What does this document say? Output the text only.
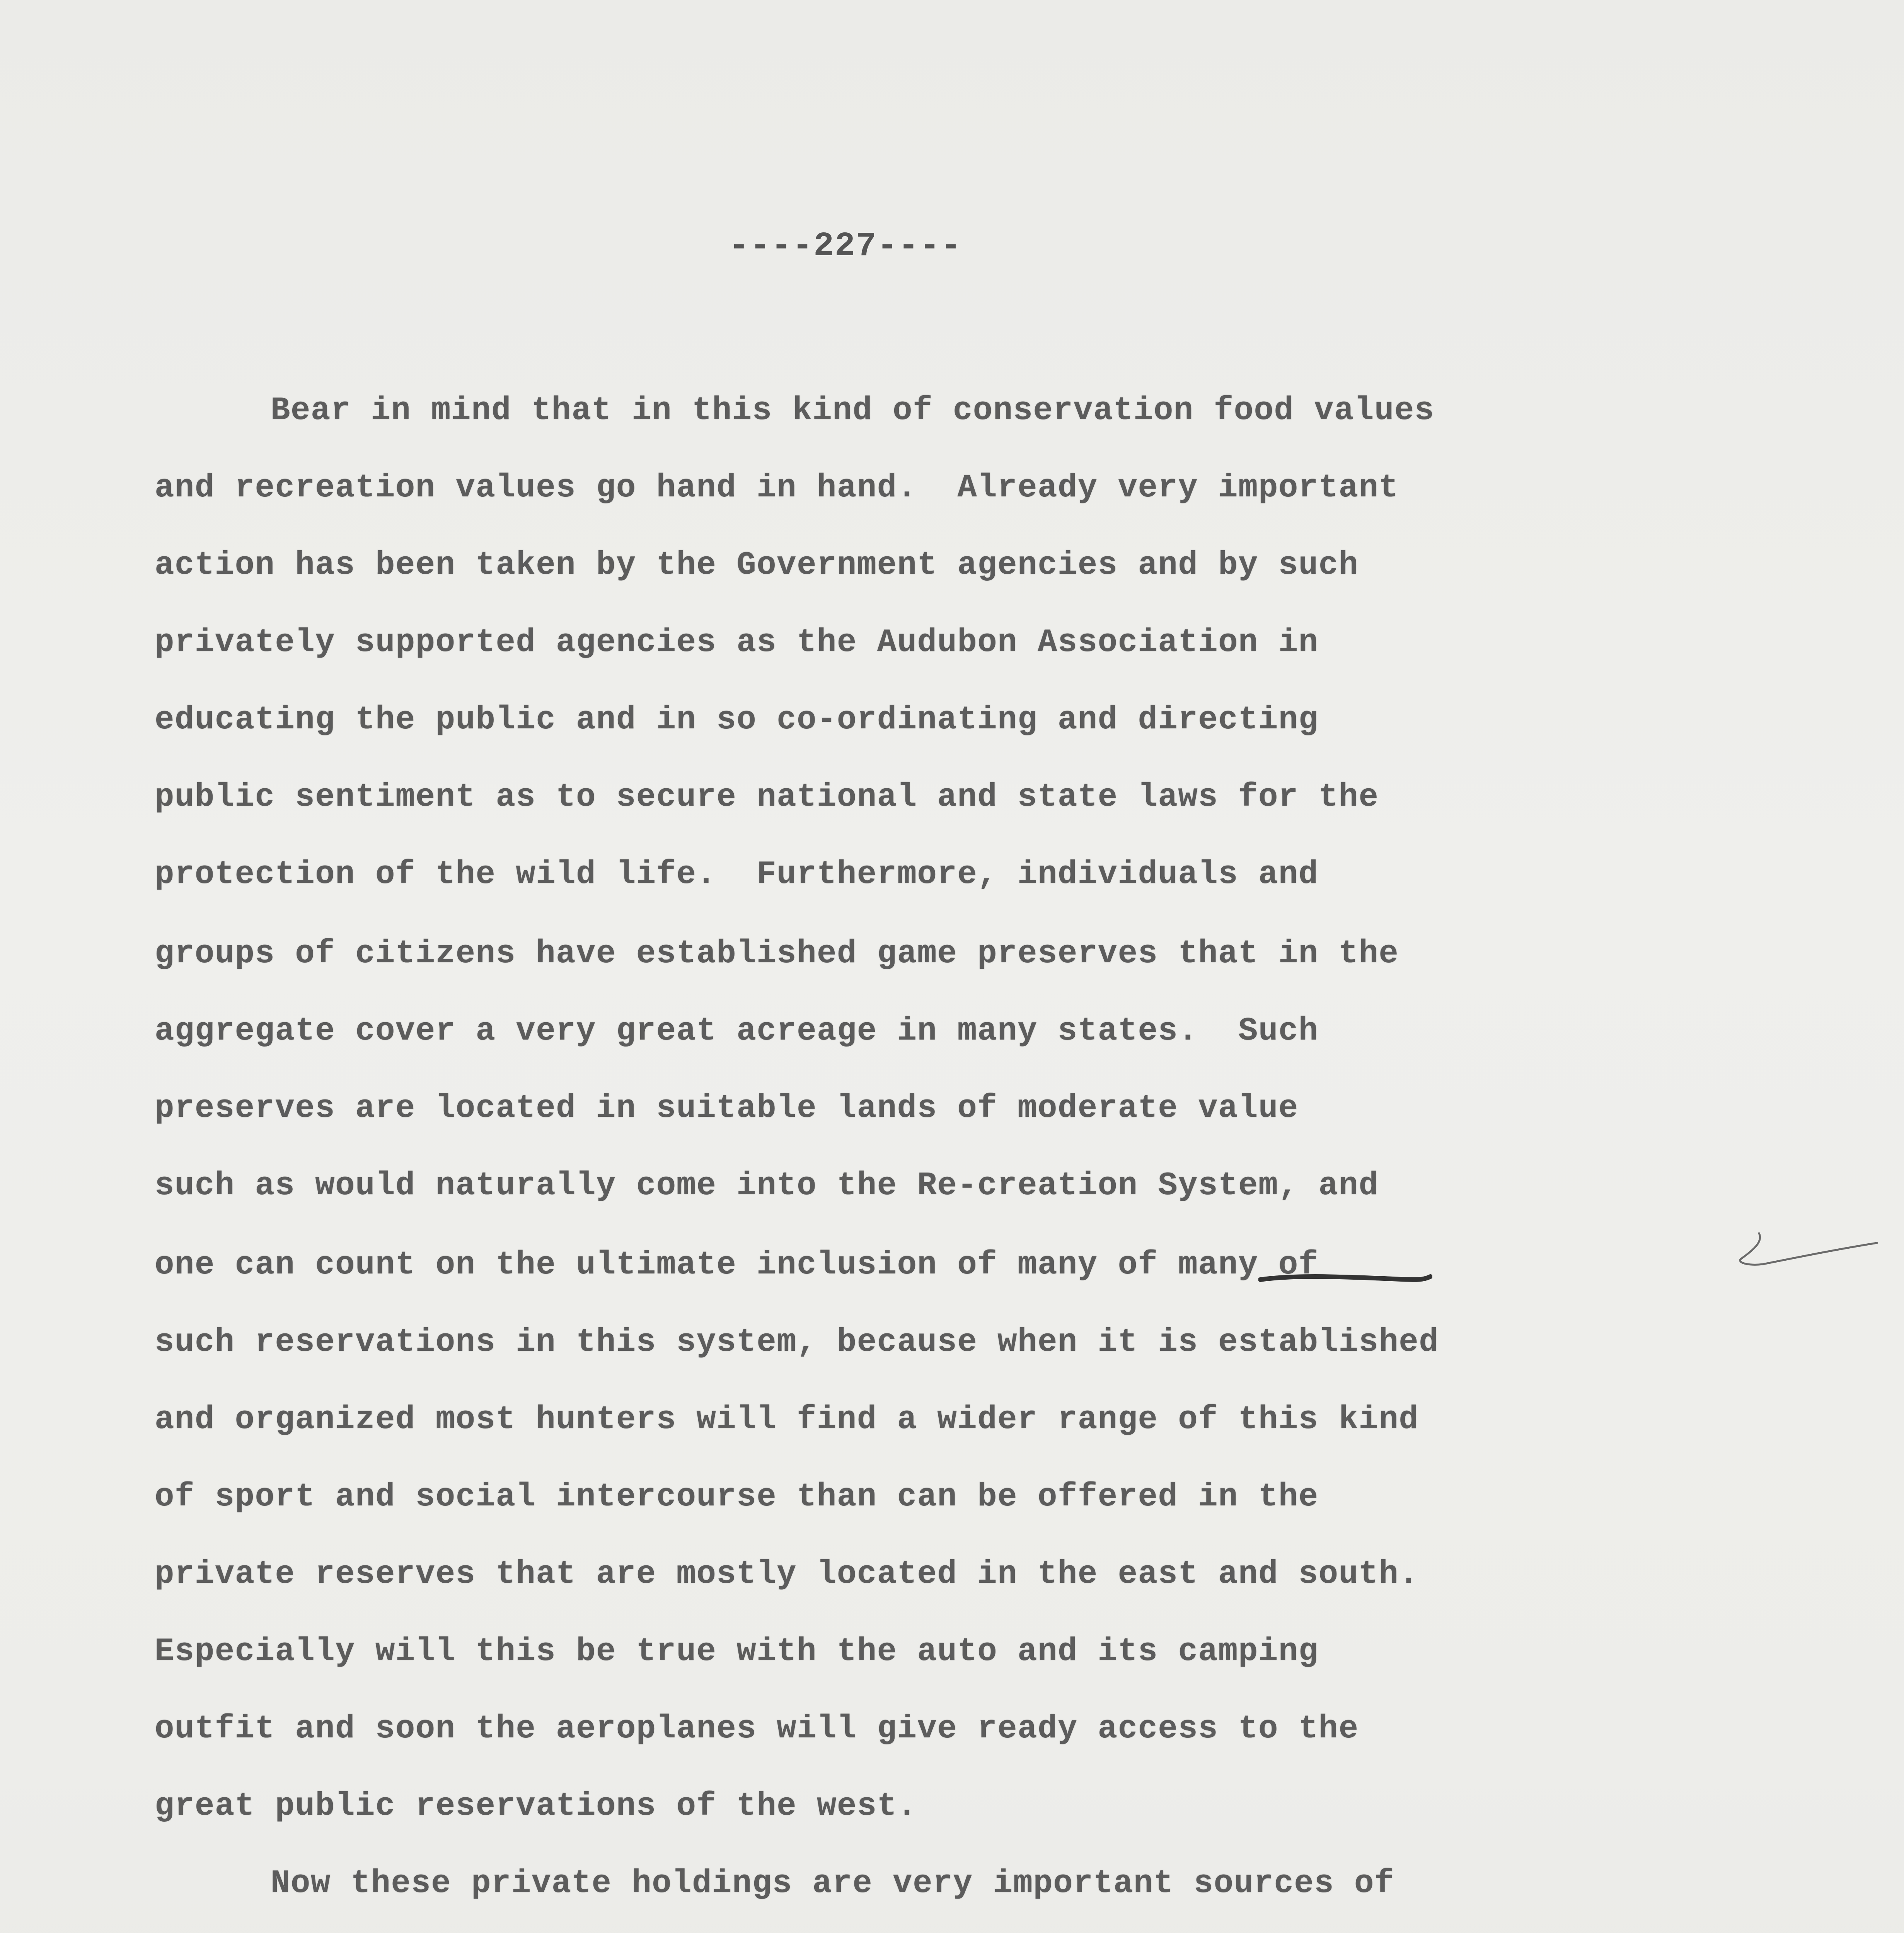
----227----
Bear in mind that in this kind of conservation food values
and recreation values go hand in hand.  Already very important
action has been taken by the Government agencies and by such
privately supported agencies as the Audubon Association in
educating the public and in so co-ordinating and directing
public sentiment as to secure national and state laws for the
protection of the wild life.  Furthermore, individuals and
groups of citizens have established game preserves that in the
aggregate cover a very great acreage in many states.  Such
preserves are located in suitable lands of moderate value
such as would naturally come into the Re-creation System, and
one can count on the ultimate inclusion of many of many of
such reservations in this system, because when it is established
and organized most hunters will find a wider range of this kind
of sport and social intercourse than can be offered in the
private reserves that are mostly located in the east and south.
Especially will this be true with the auto and its camping
outfit and soon the aeroplanes will give ready access to the
great public reservations of the west.
Now these private holdings are very important sources of
